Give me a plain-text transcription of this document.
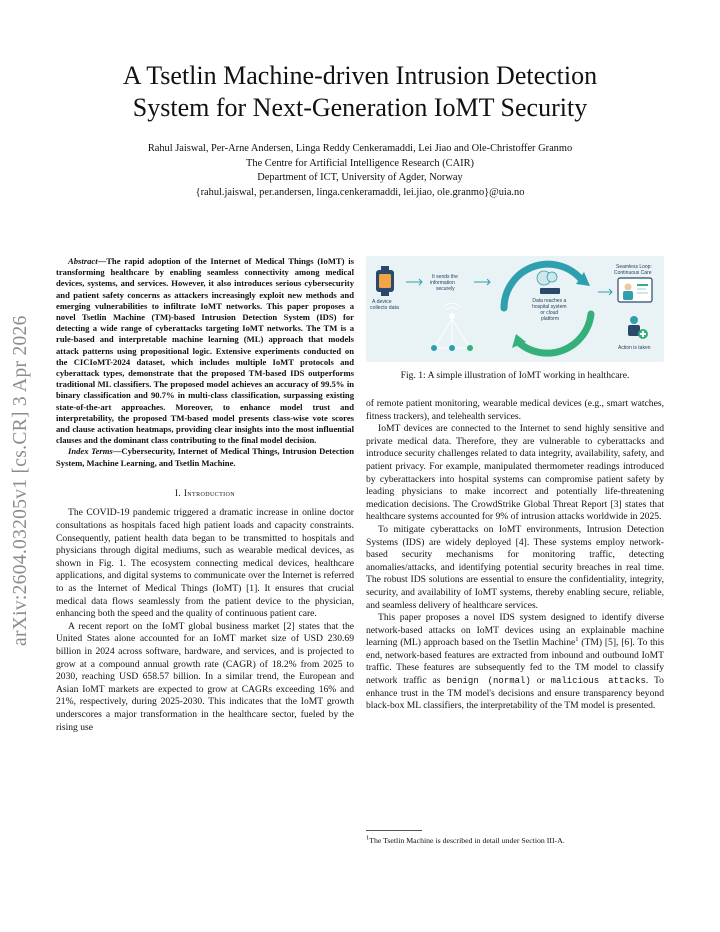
arXiv:2604.03205v1 [cs.CR] 3 Apr 2026
A Tsetlin Machine-driven Intrusion Detection
System for Next-Generation IoMT Security
Rahul Jaiswal, Per-Arne Andersen, Linga Reddy Cenkeramaddi, Lei Jiao and Ole-Christoffer Granmo
The Centre for Artificial Intelligence Research (CAIR)
Department of ICT, University of Agder, Norway
{rahul.jaiswal, per.andersen, linga.cenkeramaddi, lei.jiao, ole.granmo}@uia.no

Abstract—The rapid adoption of the Internet of Medical Things (IoMT) is transforming healthcare by enabling seamless connectivity among medical devices, systems, and services. However, it also introduces serious cybersecurity and patient safety concerns as attackers increasingly exploit new methods and emerging vulnerabilities to infiltrate IoMT networks. This paper proposes a novel Tsetlin Machine (TM)-based Intrusion Detection System (IDS) for detecting a wide range of cyberattacks targeting IoMT networks. The TM is a rule-based and interpretable machine learning (ML) approach that models attack patterns using propositional logic. Extensive experiments conducted on the CICIoMT-2024 dataset, which includes multiple IoMT protocols and cyberattack types, demonstrate that the proposed TM-based IDS outperforms traditional ML classifiers. The proposed model achieves an accuracy of 99.5% in binary classification and 90.7% in multi-class classification, surpassing existing state-of-the-art approaches. Moreover, to enhance model trust and interpretability, the proposed TM-based model presents class-wise vote scores and clause activation heatmaps, providing clear insights into the most influential clauses and the dominant class contributing to the final model decision.

Index Terms—Cybersecurity, Internet of Medical Things, Intrusion Detection System, Machine Learning, and Tsetlin Machine.

I. Introduction

The COVID-19 pandemic triggered a dramatic increase in online doctor consultations as hospitals faced high patient loads and capacity constraints. Consequently, patient health data began to be transmitted to hospitals and physicians through digital mediums, such as wearable medical devices, as shown in Fig. 1. The ecosystem connecting medical devices, healthcare applications, and digital systems to communicate over the Internet is referred to as the Internet of Medical Things (IoMT) [1]. It ensures that crucial medical data flows seamlessly from the patient device to the physician, enhancing both the speed and the quality of continuous patient care.

A recent report on the IoMT global business market [2] states that the United States alone accounted for an IoMT market size of USD 230.69 billion in 2024 across software, hardware, and services, and is projected to grow at a compound annual growth rate (CAGR) of 18.2% from 2025 to 2030, reaching USD 658.57 billion. In a similar trend, the European and Asian IoMT markets are expected to grow at CAGRs exceeding 16% and 21%, respectively, during 2025-2030. This indicates that the IoMT growth underscores a major transformation in the healthcare sector, fueled by the rising use

A device collects data
It sends the information securely
Data reaches a hospital system or cloud platform
Seamless Loop: Continuous Care
Action is taken
Fig. 1: A simple illustration of IoMT working in healthcare.

of remote patient monitoring, wearable medical devices (e.g., smart watches, fitness trackers), and telehealth services.

IoMT devices are connected to the Internet to send highly sensitive and private medical data. Therefore, they are vulnerable to cyberattacks and introduce security challenges related to data integrity, availability, safety, and patient privacy. For example, manipulated thermometer readings introduced by cyberattackers into hospital systems can compromise patient safety by leading physicians to make incorrect and potentially life-threatening medication decisions. The CrowdStrike Global Threat Report [3] states that healthcare systems accounted for 9% of intrusion attacks worldwide in 2025.

To mitigate cyberattacks on IoMT environments, Intrusion Detection Systems (IDS) are widely deployed [4]. These systems employ network-based security mechanisms for monitoring traffic, detecting anomalies/attacks, and identifying potential security breaches in real time. The robust IDS solutions are essential to ensure the confidentiality, integrity, security, and availability of IoMT systems, thereby enabling secure, reliable, and seamless delivery of healthcare services.

This paper proposes a novel IDS system designed to identify diverse network-based attacks on IoMT devices using an explainable machine learning (ML) approach based on the Tsetlin Machine$^1$ (TM) [5], [6]. To this end, network-based features are extracted from inbound and outbound IoMT traffic. These features are subsequently fed to the TM model to classify network traffic as benign (normal) or malicious attacks. To enhance trust in the TM model's decisions and ensure transparency beyond black-box ML classifiers, the interpretability of the TM model is presented.

$^1$The Tsetlin Machine is described in detail under Section III-A.
